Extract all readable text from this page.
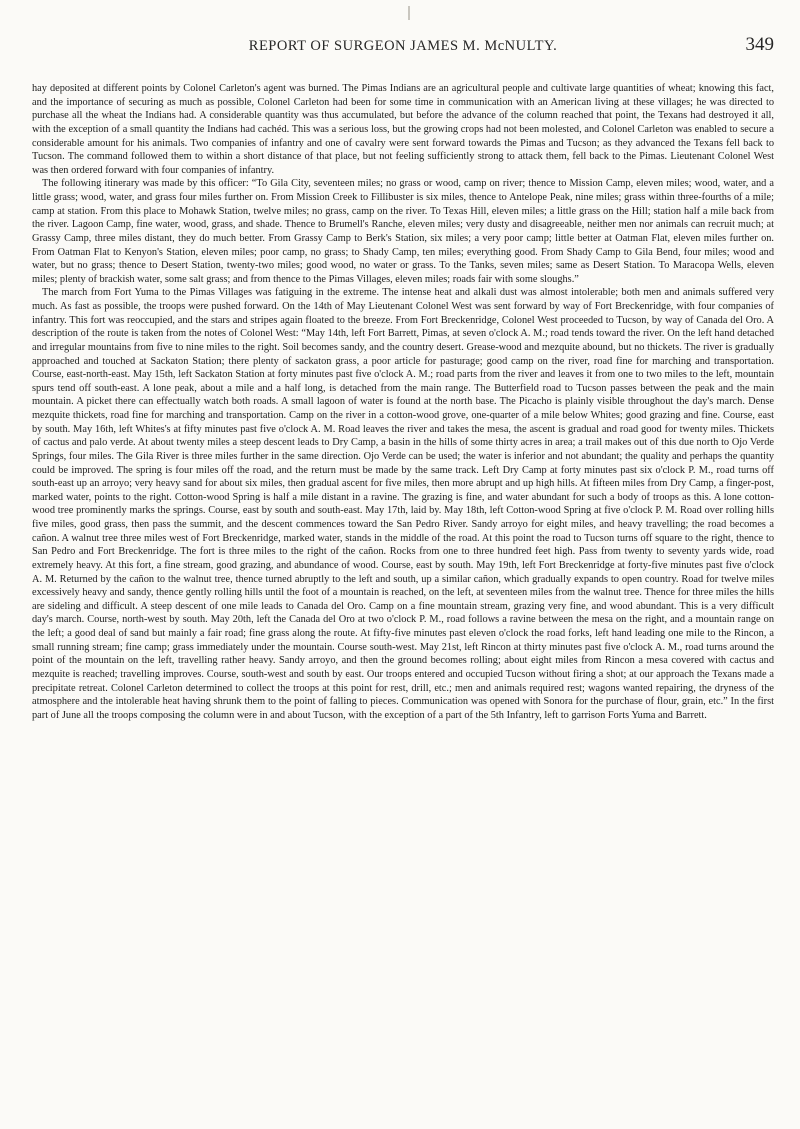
REPORT OF SURGEON JAMES M. McNULTY.	349

hay deposited at different points by Colonel Carleton's agent was burned. The Pimas Indians are an agricultural people and cultivate large quantities of wheat; knowing this fact, and the importance of securing as much as possible, Colonel Carleton had been for some time in communication with an American living at these villages; he was directed to purchase all the wheat the Indians had. A considerable quantity was thus accumulated, but before the advance of the column reached that point, the Texans had destroyed it all, with the exception of a small quantity the Indians had cachéd. This was a serious loss, but the growing crops had not been molested, and Colonel Carleton was enabled to secure a considerable amount for his animals. Two companies of infantry and one of cavalry were sent forward towards the Pimas and Tucson; as they advanced the Texans fell back to Tucson. The command followed them to within a short distance of that place, but not feeling sufficiently strong to attack them, fell back to the Pimas. Lieutenant Colonel West was then ordered forward with four companies of infantry.

The following itinerary was made by this officer: “To Gila City, seventeen miles; no grass or wood, camp on river; thence to Mission Camp, eleven miles; wood, water, and a little grass; wood, water, and grass four miles further on. From Mission Creek to Fillibuster is six miles, thence to Antelope Peak, nine miles; grass within three-fourths of a mile; camp at station. From this place to Mohawk Station, twelve miles; no grass, camp on the river. To Texas Hill, eleven miles; a little grass on the Hill; station half a mile back from the river. Lagoon Camp, fine water, wood, grass, and shade. Thence to Brumell's Ranche, eleven miles; very dusty and disagreeable, neither men nor animals can recruit much; at Grassy Camp, three miles distant, they do much better. From Grassy Camp to Berk's Station, six miles; a very poor camp; little better at Oatman Flat, eleven miles further on. From Oatman Flat to Kenyon's Station, eleven miles; poor camp, no grass; to Shady Camp, ten miles; everything good. From Shady Camp to Gila Bend, four miles; wood and water, but no grass; thence to Desert Station, twenty-two miles; good wood, no water or grass. To the Tanks, seven miles; same as Desert Station. To Maracopa Wells, eleven miles; plenty of brackish water, some salt grass; and from thence to the Pimas Villages, eleven miles; roads fair with some sloughs.”

The march from Fort Yuma to the Pimas Villages was fatiguing in the extreme. The intense heat and alkali dust was almost intolerable; both men and animals suffered very much. As fast as possible, the troops were pushed forward. On the 14th of May Lieutenant Colonel West was sent forward by way of Fort Breckenridge, with four companies of infantry. This fort was reoccupied, and the stars and stripes again floated to the breeze. From Fort Breckenridge, Colonel West proceeded to Tucson, by way of Canada del Oro. A description of the route is taken from the notes of Colonel West: “May 14th, left Fort Barrett, Pimas, at seven o'clock A. M.; road tends toward the river. On the left hand detached and irregular mountains from five to nine miles to the right. Soil becomes sandy, and the country desert. Grease-wood and mezquite abound, but no thickets. The river is gradually approached and touched at Sackaton Station; there plenty of sackaton grass, a poor article for pasturage; good camp on the river, road fine for marching and transportation. Course, east-north-east. May 15th, left Sackaton Station at forty minutes past five o'clock A. M.; road parts from the river and leaves it from one to two miles to the left, mountain spurs tend off south-east. A lone peak, about a mile and a half long, is detached from the main range. The Butterfield road to Tucson passes between the peak and the main mountain. A picket there can effectually watch both roads. A small lagoon of water is found at the north base. The Picacho is plainly visible throughout the day's march. Dense mezquite thickets, road fine for marching and transportation. Camp on the river in a cotton-wood grove, one-quarter of a mile below Whites; good grazing and fine. Course, east by south. May 16th, left Whites's at fifty minutes past five o'clock A. M. Road leaves the river and takes the mesa, the ascent is gradual and road good for twenty miles. Thickets of cactus and palo verde. At about twenty miles a steep descent leads to Dry Camp, a basin in the hills of some thirty acres in area; a trail makes out of this due north to Ojo Verde Springs, four miles. The Gila River is three miles further in the same direction. Ojo Verde can be used; the water is inferior and not abundant; the quality and perhaps the quantity could be improved. The spring is four miles off the road, and the return must be made by the same track. Left Dry Camp at forty minutes past six o'clock P. M., road turns off south-east up an arroyo; very heavy sand for about six miles, then gradual ascent for five miles, then more abrupt and up high hills. At fifteen miles from Dry Camp, a finger-post, marked water, points to the right. Cotton-wood Spring is half a mile distant in a ravine. The grazing is fine, and water abundant for such a body of troops as this. A lone cotton-wood tree prominently marks the springs. Course, east by south and south-east. May 17th, laid by. May 18th, left Cotton-wood Spring at five o'clock P. M. Road over rolling hills five miles, good grass, then pass the summit, and the descent commences toward the San Pedro River. Sandy arroyo for eight miles, and heavy travelling; the road becomes a cañon. A walnut tree three miles west of Fort Breckenridge, marked water, stands in the middle of the road. At this point the road to Tucson turns off square to the right, thence to San Pedro and Fort Breckenridge. The fort is three miles to the right of the cañon. Rocks from one to three hundred feet high. Pass from twenty to seventy yards wide, road extremely heavy. At this fort, a fine stream, good grazing, and abundance of wood. Course, east by south. May 19th, left Fort Breckenridge at forty-five minutes past five o'clock A. M. Returned by the cañon to the walnut tree, thence turned abruptly to the left and south, up a similar cañon, which gradually expands to open country. Road for twelve miles excessively heavy and sandy, thence gently rolling hills until the foot of a mountain is reached, on the left, at seventeen miles from the walnut tree. Thence for three miles the hills are sideling and difficult. A steep descent of one mile leads to Canada del Oro. Camp on a fine mountain stream, grazing very fine, and wood abundant. This is a very difficult day's march. Course, north-west by south. May 20th, left the Canada del Oro at two o'clock P. M., road follows a ravine between the mesa on the right, and a mountain range on the left; a good deal of sand but mainly a fair road; fine grass along the route. At fifty-five minutes past eleven o'clock the road forks, left hand leading one mile to the Rincon, a small running stream; fine camp; grass immediately under the mountain. Course south-west. May 21st, left Rincon at thirty minutes past five o'clock A. M., road turns around the point of the mountain on the left, travelling rather heavy. Sandy arroyo, and then the ground becomes rolling; about eight miles from Rincon a mesa covered with cactus and mezquite is reached; travelling improves. Course, south-west and south by east. Our troops entered and occupied Tucson without firing a shot; at our approach the Texans made a precipitate retreat. Colonel Carleton determined to collect the troops at this point for rest, drill, etc.; men and animals required rest; wagons wanted repairing, the dryness of the atmosphere and the intolerable heat having shrunk them to the point of falling to pieces. Communication was opened with Sonora for the purchase of flour, grain, etc.” In the first part of June all the troops composing the column were in and about Tucson, with the exception of a part of the 5th Infantry, left to garrison Forts Yuma and Barrett.
